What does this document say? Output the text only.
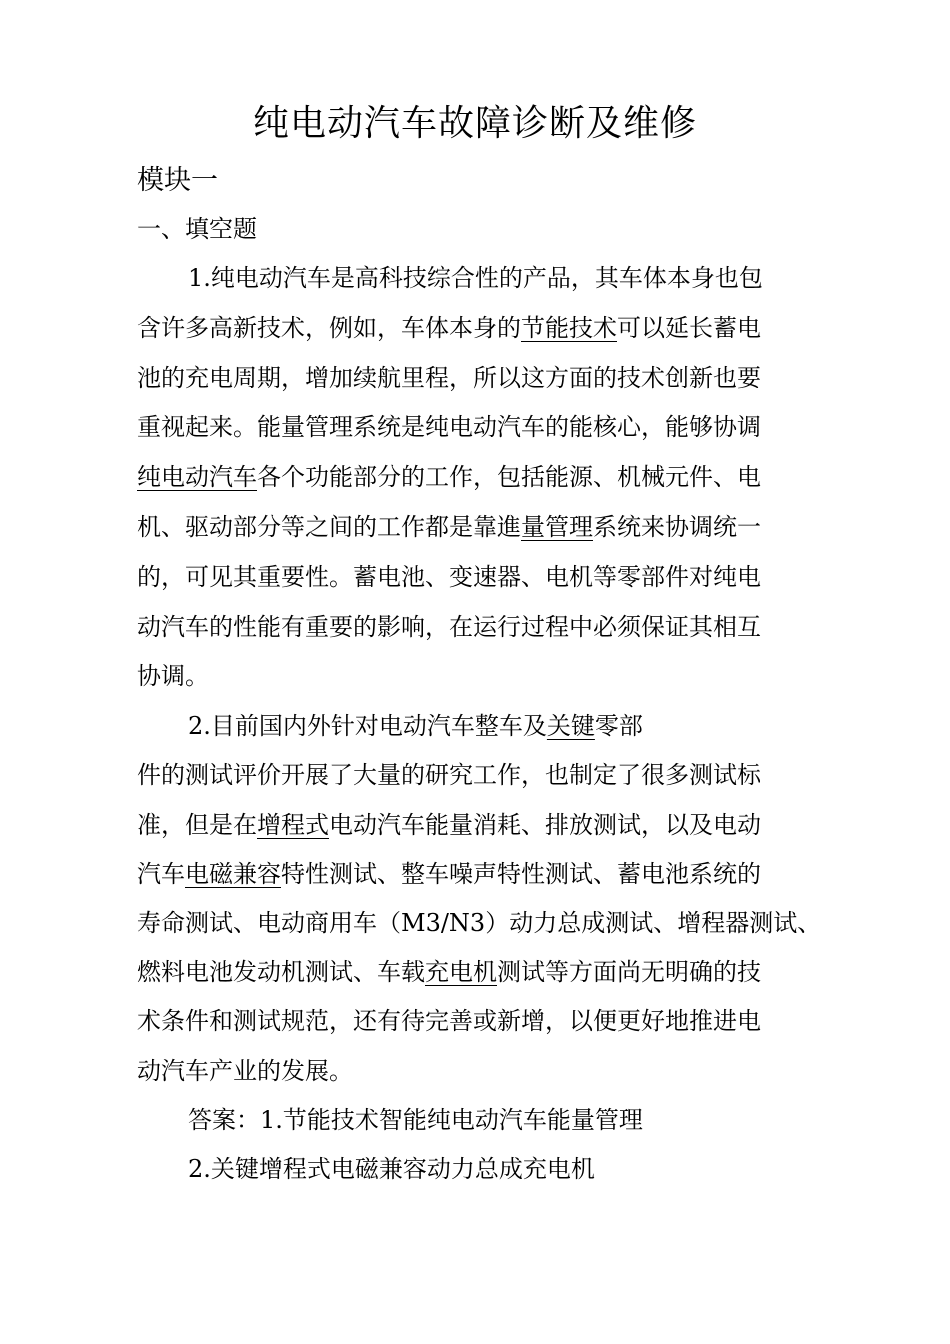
纯电动汽车故障诊断及维修
模块一
一、填空题
1.纯电动汽车是高科技综合性的产品，其车体本身也包
含许多高新技术，例如，车体本身的节能技术可以延长蓄电
池的充电周期，增加续航里程，所以这方面的技术创新也要
重视起来。能量管理系统是纯电动汽车的能核心，能够协调
纯电动汽车各个功能部分的工作，包括能源、机械元件、电
机、驱动部分等之间的工作都是靠進量管理系统来协调统一
的，可见其重要性。蓄电池、变速器、电机等零部件对纯电
动汽车的性能有重要的影响，在运行过程中必须保证其相互
协调。
2.目前国内外针对电动汽车整车及关键零部
件的测试评价开展了大量的研究工作，也制定了很多测试标
准，但是在增程式电动汽车能量消耗、排放测试，以及电动
汽车电磁兼容特性测试、整车噪声特性测试、蓄电池系统的
寿命测试、电动商用车（M3/N3）动力总成测试、增程器测试、
燃料电池发动机测试、车载充电机测试等方面尚无明确的技
术条件和测试规范，还有待完善或新增，以便更好地推进电
动汽车产业的发展。
答案：1.节能技术智能纯电动汽车能量管理
2.关键增程式电磁兼容动力总成充电机
